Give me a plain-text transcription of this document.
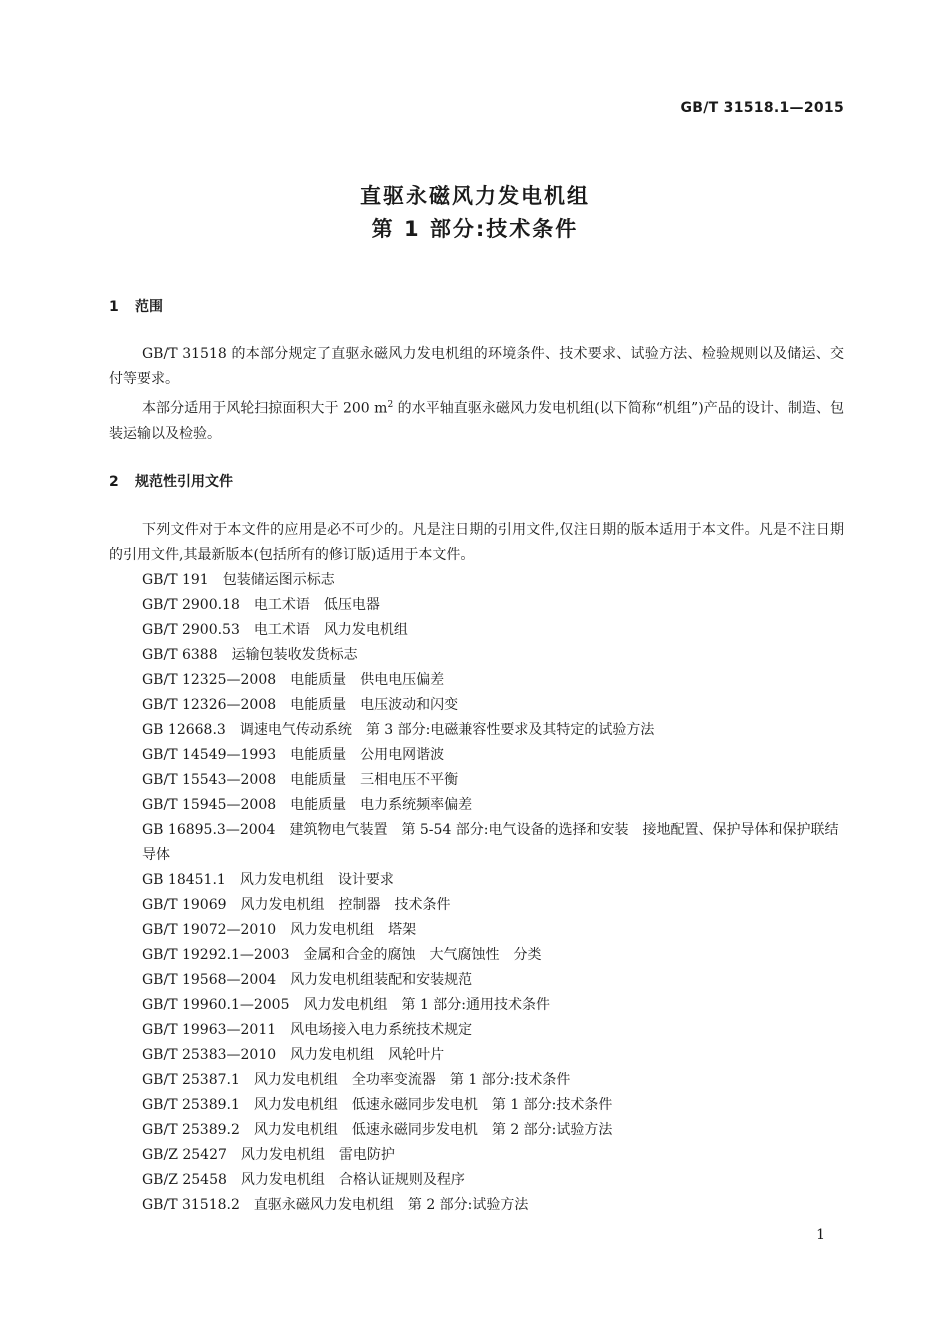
GB/T 31518.1—2015
直驱永磁风力发电机组
第 1 部分:技术条件
1 范围
GB/T 31518 的本部分规定了直驱永磁风力发电机组的环境条件、技术要求、试验方法、检验规则以及储运、交付等要求。
本部分适用于风轮扫掠面积大于 200 $m^2$ 的水平轴直驱永磁风力发电机组(以下简称“机组”)产品的设计、制造、包装运输以及检验。
2 规范性引用文件
下列文件对于本文件的应用是必不可少的。凡是注日期的引用文件,仅注日期的版本适用于本文件。凡是不注日期的引用文件,其最新版本(包括所有的修订版)适用于本文件。
GB/T 191 包装储运图示标志
GB/T 2900.18 电工术语 低压电器
GB/T 2900.53 电工术语 风力发电机组
GB/T 6388 运输包装收发货标志
GB/T 12325—2008 电能质量 供电电压偏差
GB/T 12326—2008 电能质量 电压波动和闪变
GB 12668.3 调速电气传动系统 第 3 部分:电磁兼容性要求及其特定的试验方法
GB/T 14549—1993 电能质量 公用电网谐波
GB/T 15543—2008 电能质量 三相电压不平衡
GB/T 15945—2008 电能质量 电力系统频率偏差
GB 16895.3—2004 建筑物电气装置 第 5-54 部分:电气设备的选择和安装 接地配置、保护导体和保护联结导体
GB 18451.1 风力发电机组 设计要求
GB/T 19069 风力发电机组 控制器 技术条件
GB/T 19072—2010 风力发电机组 塔架
GB/T 19292.1—2003 金属和合金的腐蚀 大气腐蚀性 分类
GB/T 19568—2004 风力发电机组装配和安装规范
GB/T 19960.1—2005 风力发电机组 第 1 部分:通用技术条件
GB/T 19963—2011 风电场接入电力系统技术规定
GB/T 25383—2010 风力发电机组 风轮叶片
GB/T 25387.1 风力发电机组 全功率变流器 第 1 部分:技术条件
GB/T 25389.1 风力发电机组 低速永磁同步发电机 第 1 部分:技术条件
GB/T 25389.2 风力发电机组 低速永磁同步发电机 第 2 部分:试验方法
GB/Z 25427 风力发电机组 雷电防护
GB/Z 25458 风力发电机组 合格认证规则及程序
GB/T 31518.2 直驱永磁风力发电机组 第 2 部分:试验方法
1
